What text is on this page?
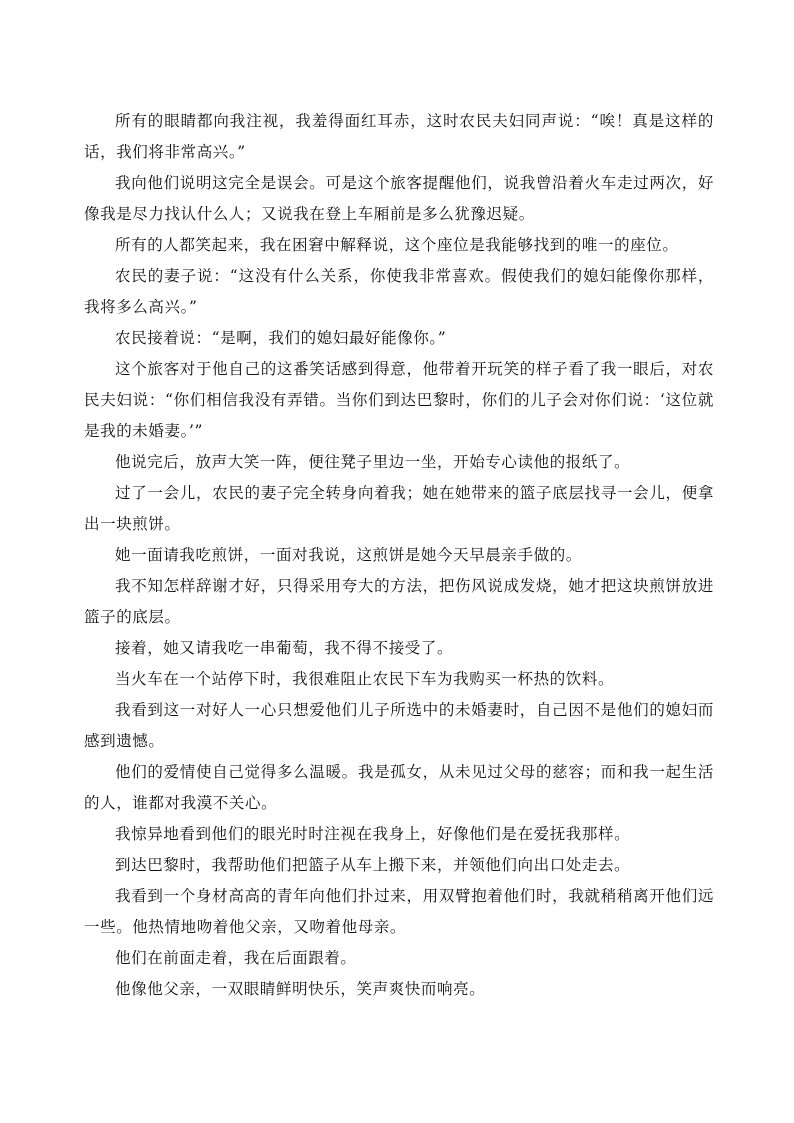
所有的眼睛都向我注视，我羞得面红耳赤，这时农民夫妇同声说：“唉！真是这样的话，我们将非常高兴。”

我向他们说明这完全是误会。可是这个旅客提醒他们，说我曾沿着火车走过两次，好像我是尽力找认什么人；又说我在登上车厢前是多么犹豫迟疑。

所有的人都笑起来，我在困窘中解释说，这个座位是我能够找到的唯一的座位。

农民的妻子说：“这没有什么关系，你使我非常喜欢。假使我们的媳妇能像你那样，我将多么高兴。”

农民接着说：“是啊，我们的媳妇最好能像你。”

这个旅客对于他自己的这番笑话感到得意，他带着开玩笑的样子看了我一眼后，对农民夫妇说：“你们相信我没有弄错。当你们到达巴黎时，你们的儿子会对你们说：‘这位就是我的未婚妻。’”

他说完后，放声大笑一阵，便往凳子里边一坐，开始专心读他的报纸了。

过了一会儿，农民的妻子完全转身向着我；她在她带来的篮子底层找寻一会儿，便拿出一块煎饼。

她一面请我吃煎饼，一面对我说，这煎饼是她今天早晨亲手做的。

我不知怎样辞谢才好，只得采用夸大的方法，把伤风说成发烧，她才把这块煎饼放进篮子的底层。

接着，她又请我吃一串葡萄，我不得不接受了。

当火车在一个站停下时，我很难阻止农民下车为我购买一杯热的饮料。

我看到这一对好人一心只想爱他们儿子所选中的未婚妻时，自己因不是他们的媳妇而感到遗憾。

他们的爱情使自己觉得多么温暖。我是孤女，从未见过父母的慈容；而和我一起生活的人，谁都对我漠不关心。

我惊异地看到他们的眼光时时注视在我身上，好像他们是在爱抚我那样。

到达巴黎时，我帮助他们把篮子从车上搬下来，并领他们向出口处走去。

我看到一个身材高高的青年向他们扑过来，用双臂抱着他们时，我就稍稍离开他们远一些。他热情地吻着他父亲，又吻着他母亲。

他们在前面走着，我在后面跟着。

他像他父亲，一双眼睛鲜明快乐，笑声爽快而响亮。
